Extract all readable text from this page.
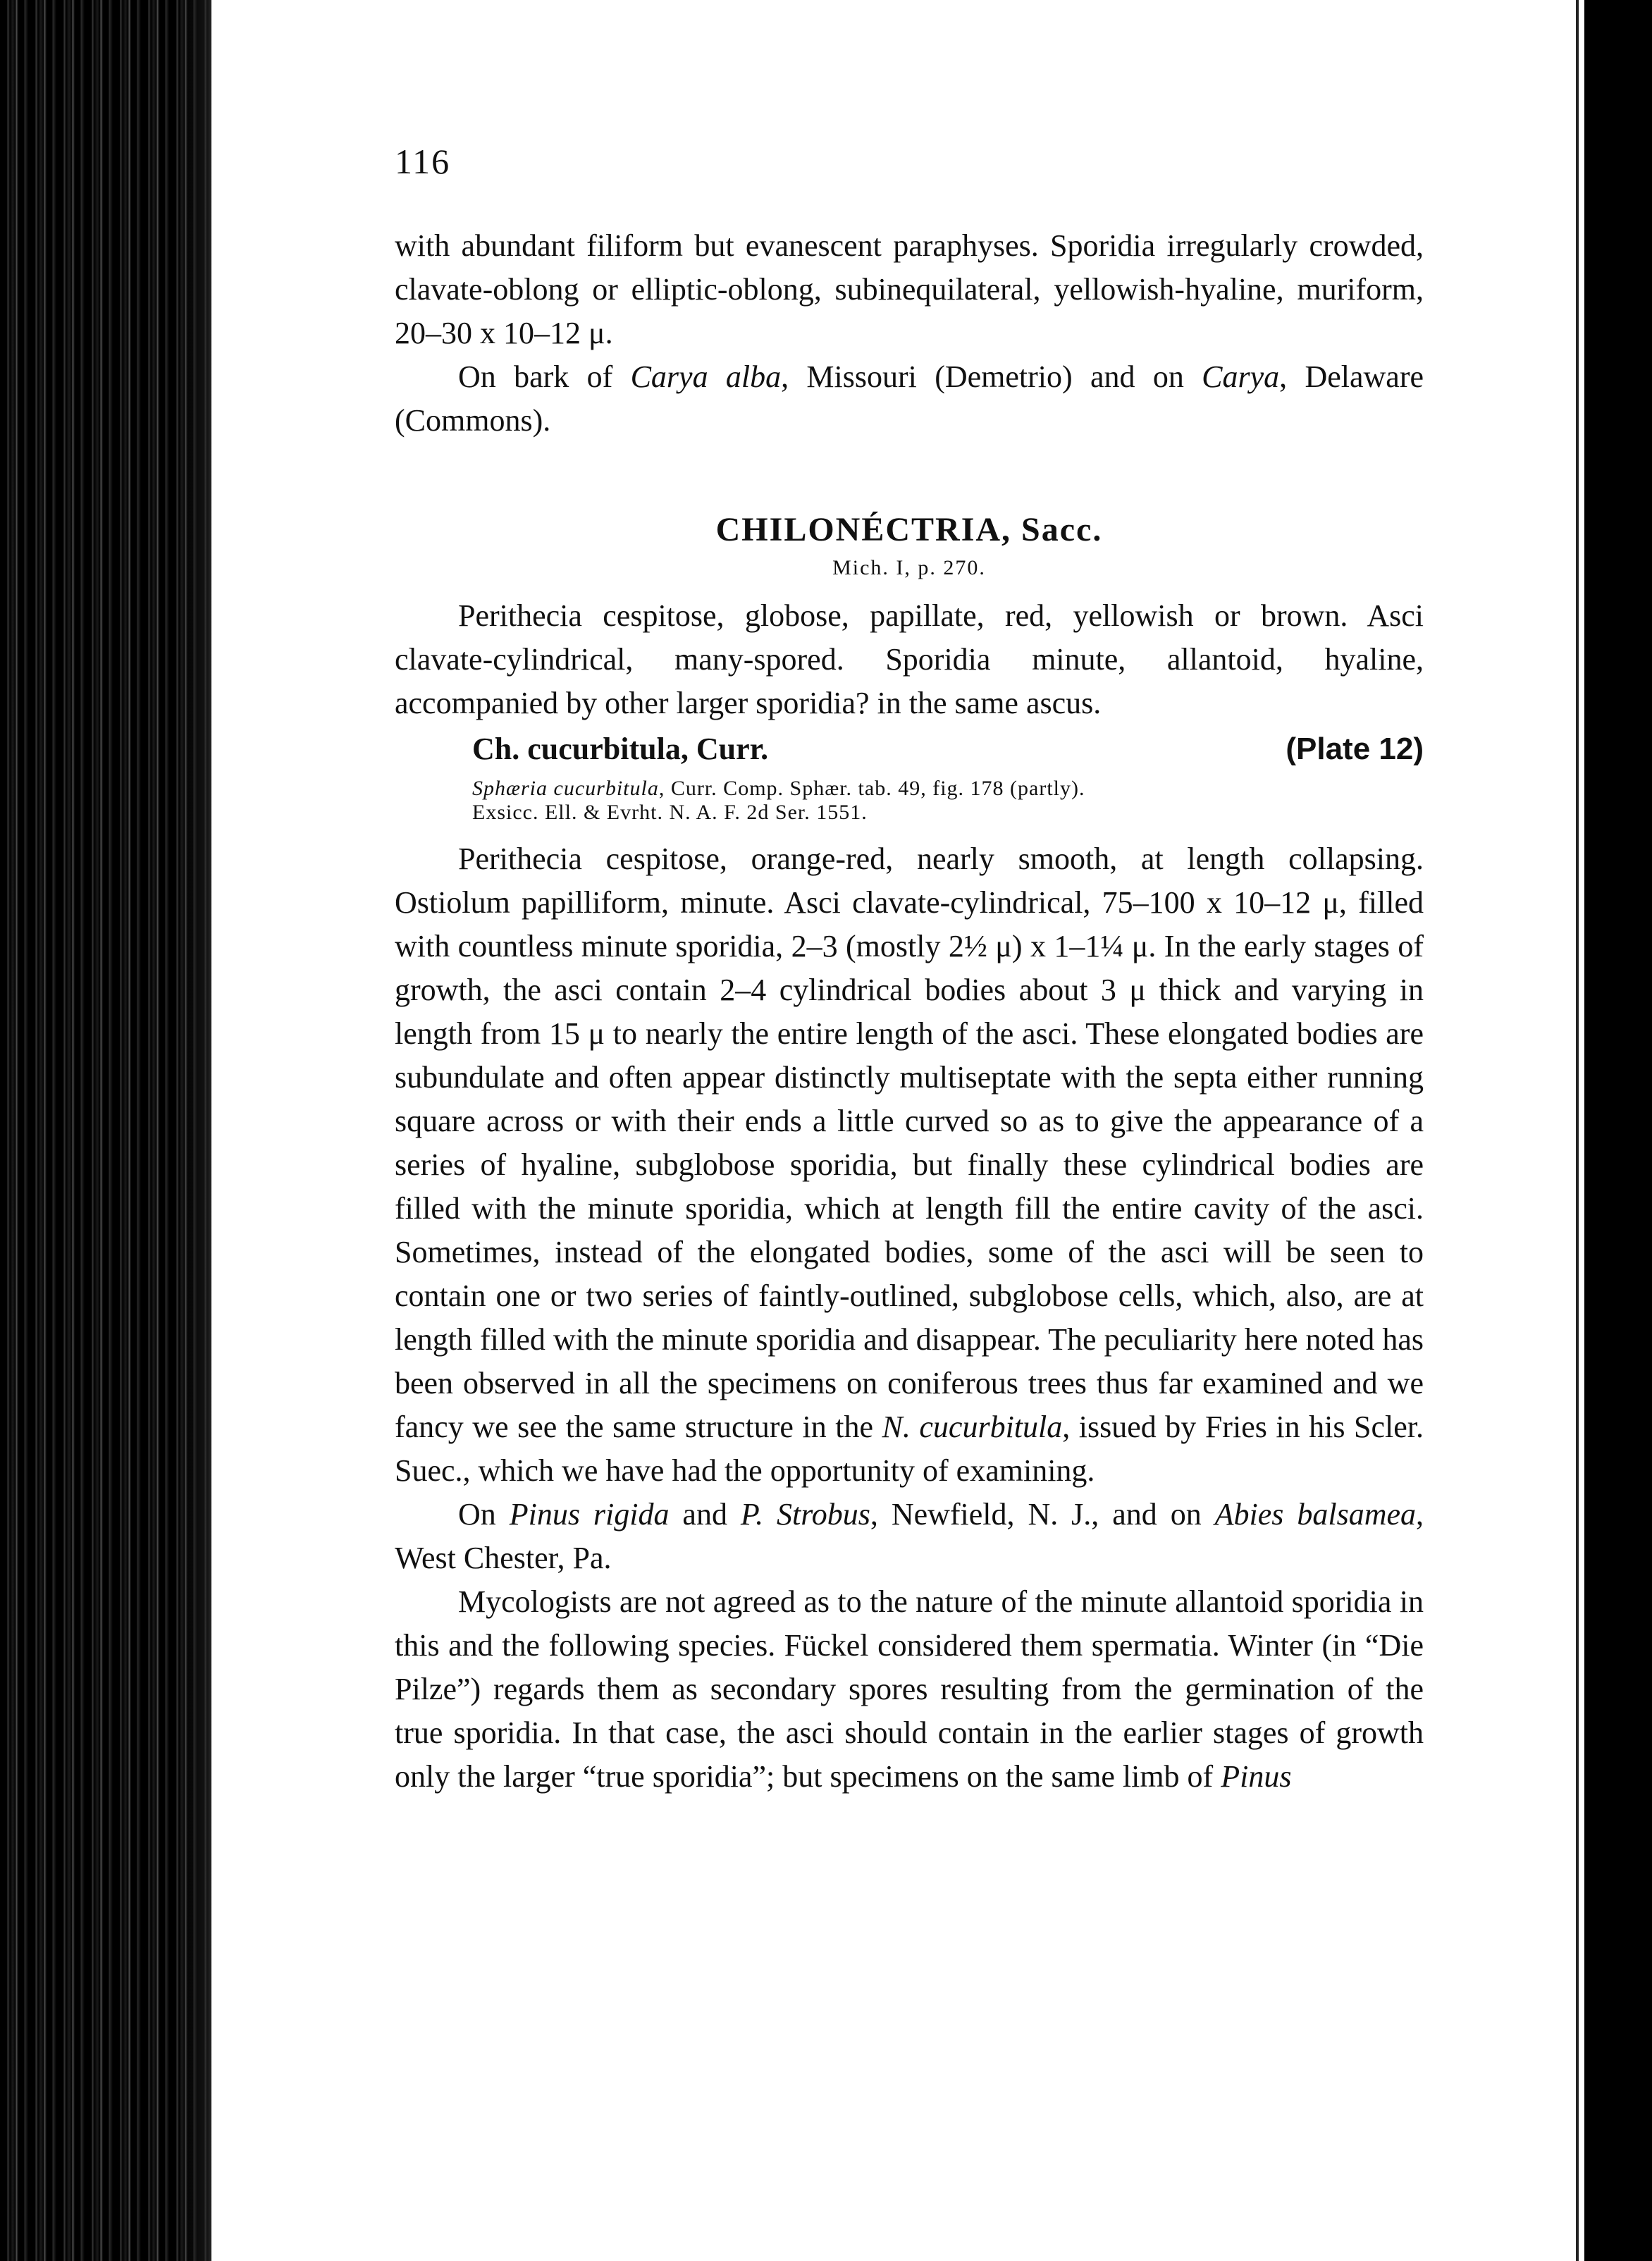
116

with abundant filiform but evanescent paraphyses. Sporidia irregularly crowded, clavate-oblong or elliptic-oblong, subinequilateral, yellowish-hyaline, muriform, 20–30 x 10–12 μ.

On bark of Carya alba, Missouri (Demetrio) and on Carya, Delaware (Commons).

CHILONÉCTRIA, Sacc.
Mich. I, p. 270.

Perithecia cespitose, globose, papillate, red, yellowish or brown. Asci clavate-cylindrical, many-spored. Sporidia minute, allantoid, hyaline, accompanied by other larger sporidia? in the same ascus.

Ch. cucurbitula, Curr.	(Plate 12)

Sphæria cucurbitula, Curr. Comp. Sphær. tab. 49, fig. 178 (partly).

Exsicc. Ell. & Evrht. N. A. F. 2d Ser. 1551.

Perithecia cespitose, orange-red, nearly smooth, at length collapsing. Ostiolum papilliform, minute. Asci clavate-cylindrical, 75–100 x 10–12 μ, filled with countless minute sporidia, 2–3 (mostly 2½ μ) x 1–1¼ μ. In the early stages of growth, the asci contain 2–4 cylindrical bodies about 3 μ thick and varying in length from 15 μ to nearly the entire length of the asci. These elongated bodies are subundulate and often appear distinctly multiseptate with the septa either running square across or with their ends a little curved so as to give the appearance of a series of hyaline, subglobose sporidia, but finally these cylindrical bodies are filled with the minute sporidia, which at length fill the entire cavity of the asci. Sometimes, instead of the elongated bodies, some of the asci will be seen to contain one or two series of faintly-outlined, subglobose cells, which, also, are at length filled with the minute sporidia and disappear. The peculiarity here noted has been observed in all the specimens on coniferous trees thus far examined and we fancy we see the same structure in the N. cucurbitula, issued by Fries in his Scler. Suec., which we have had the opportunity of examining.

On Pinus rigida and P. Strobus, Newfield, N. J., and on Abies balsamea, West Chester, Pa.

Mycologists are not agreed as to the nature of the minute allantoid sporidia in this and the following species. Fückel considered them spermatia. Winter (in “Die Pilze”) regards them as secondary spores resulting from the germination of the true sporidia. In that case, the asci should contain in the earlier stages of growth only the larger “true sporidia”; but specimens on the same limb of Pinus
